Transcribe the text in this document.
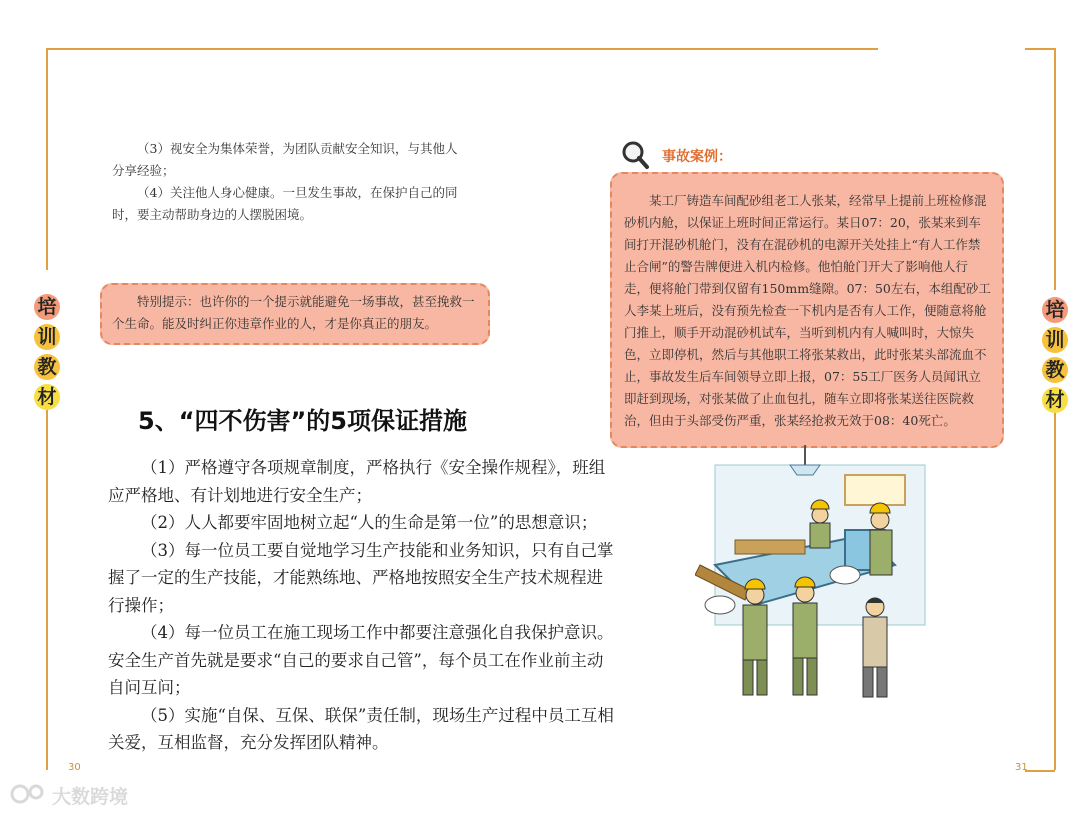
培
训
教
材
培
训
教
材

（3）视安全为集体荣誉，为团队贡献安全知识，与其他人分享经验；

（4）关注他人身心健康。一旦发生事故，在保护自己的同时，要主动帮助身边的人摆脱困境。

特别提示：也许你的一个提示就能避免一场事故，甚至挽救一个生命。能及时纠正你违章作业的人，才是你真正的朋友。

5、“四不伤害”的5项保证措施

（1）严格遵守各项规章制度，严格执行《安全操作规程》，班组应严格地、有计划地进行安全生产；

（2）人人都要牢固地树立起“人的生命是第一位”的思想意识；

（3）每一位员工要自觉地学习生产技能和业务知识，只有自己掌握了一定的生产技能，才能熟练地、严格地按照安全生产技术规程进行操作；

（4）每一位员工在施工现场工作中都要注意强化自我保护意识。安全生产首先就是要求“自己的要求自己管”，每个员工在作业前主动自问互问；

（5）实施“自保、互保、联保”责任制，现场生产过程中员工互相关爱，互相监督，充分发挥团队精神。

事故案例：

某工厂铸造车间配砂组老工人张某，经常早上提前上班检修混砂机内舱，以保证上班时间正常运行。某日07：20，张某来到车间打开混砂机舱门，没有在混砂机的电源开关处挂上“有人工作禁止合闸”的警告牌便进入机内检修。他怕舱门开大了影响他人行走，便将舱门带到仅留有150mm缝隙。07：50左右，本组配砂工人李某上班后，没有预先检查一下机内是否有人工作，便随意将舱门推上，顺手开动混砂机试车，当听到机内有人喊叫时，大惊失色，立即停机，然后与其他职工将张某救出，此时张某头部流血不止，事故发生后车间领导立即上报，07：55工厂医务人员闻讯立即赶到现场，对张某做了止血包扎，随车立即将张某送往医院救治，但由于头部受伤严重，张某经抢救无效于08：40死亡。

30	31
大数跨境
